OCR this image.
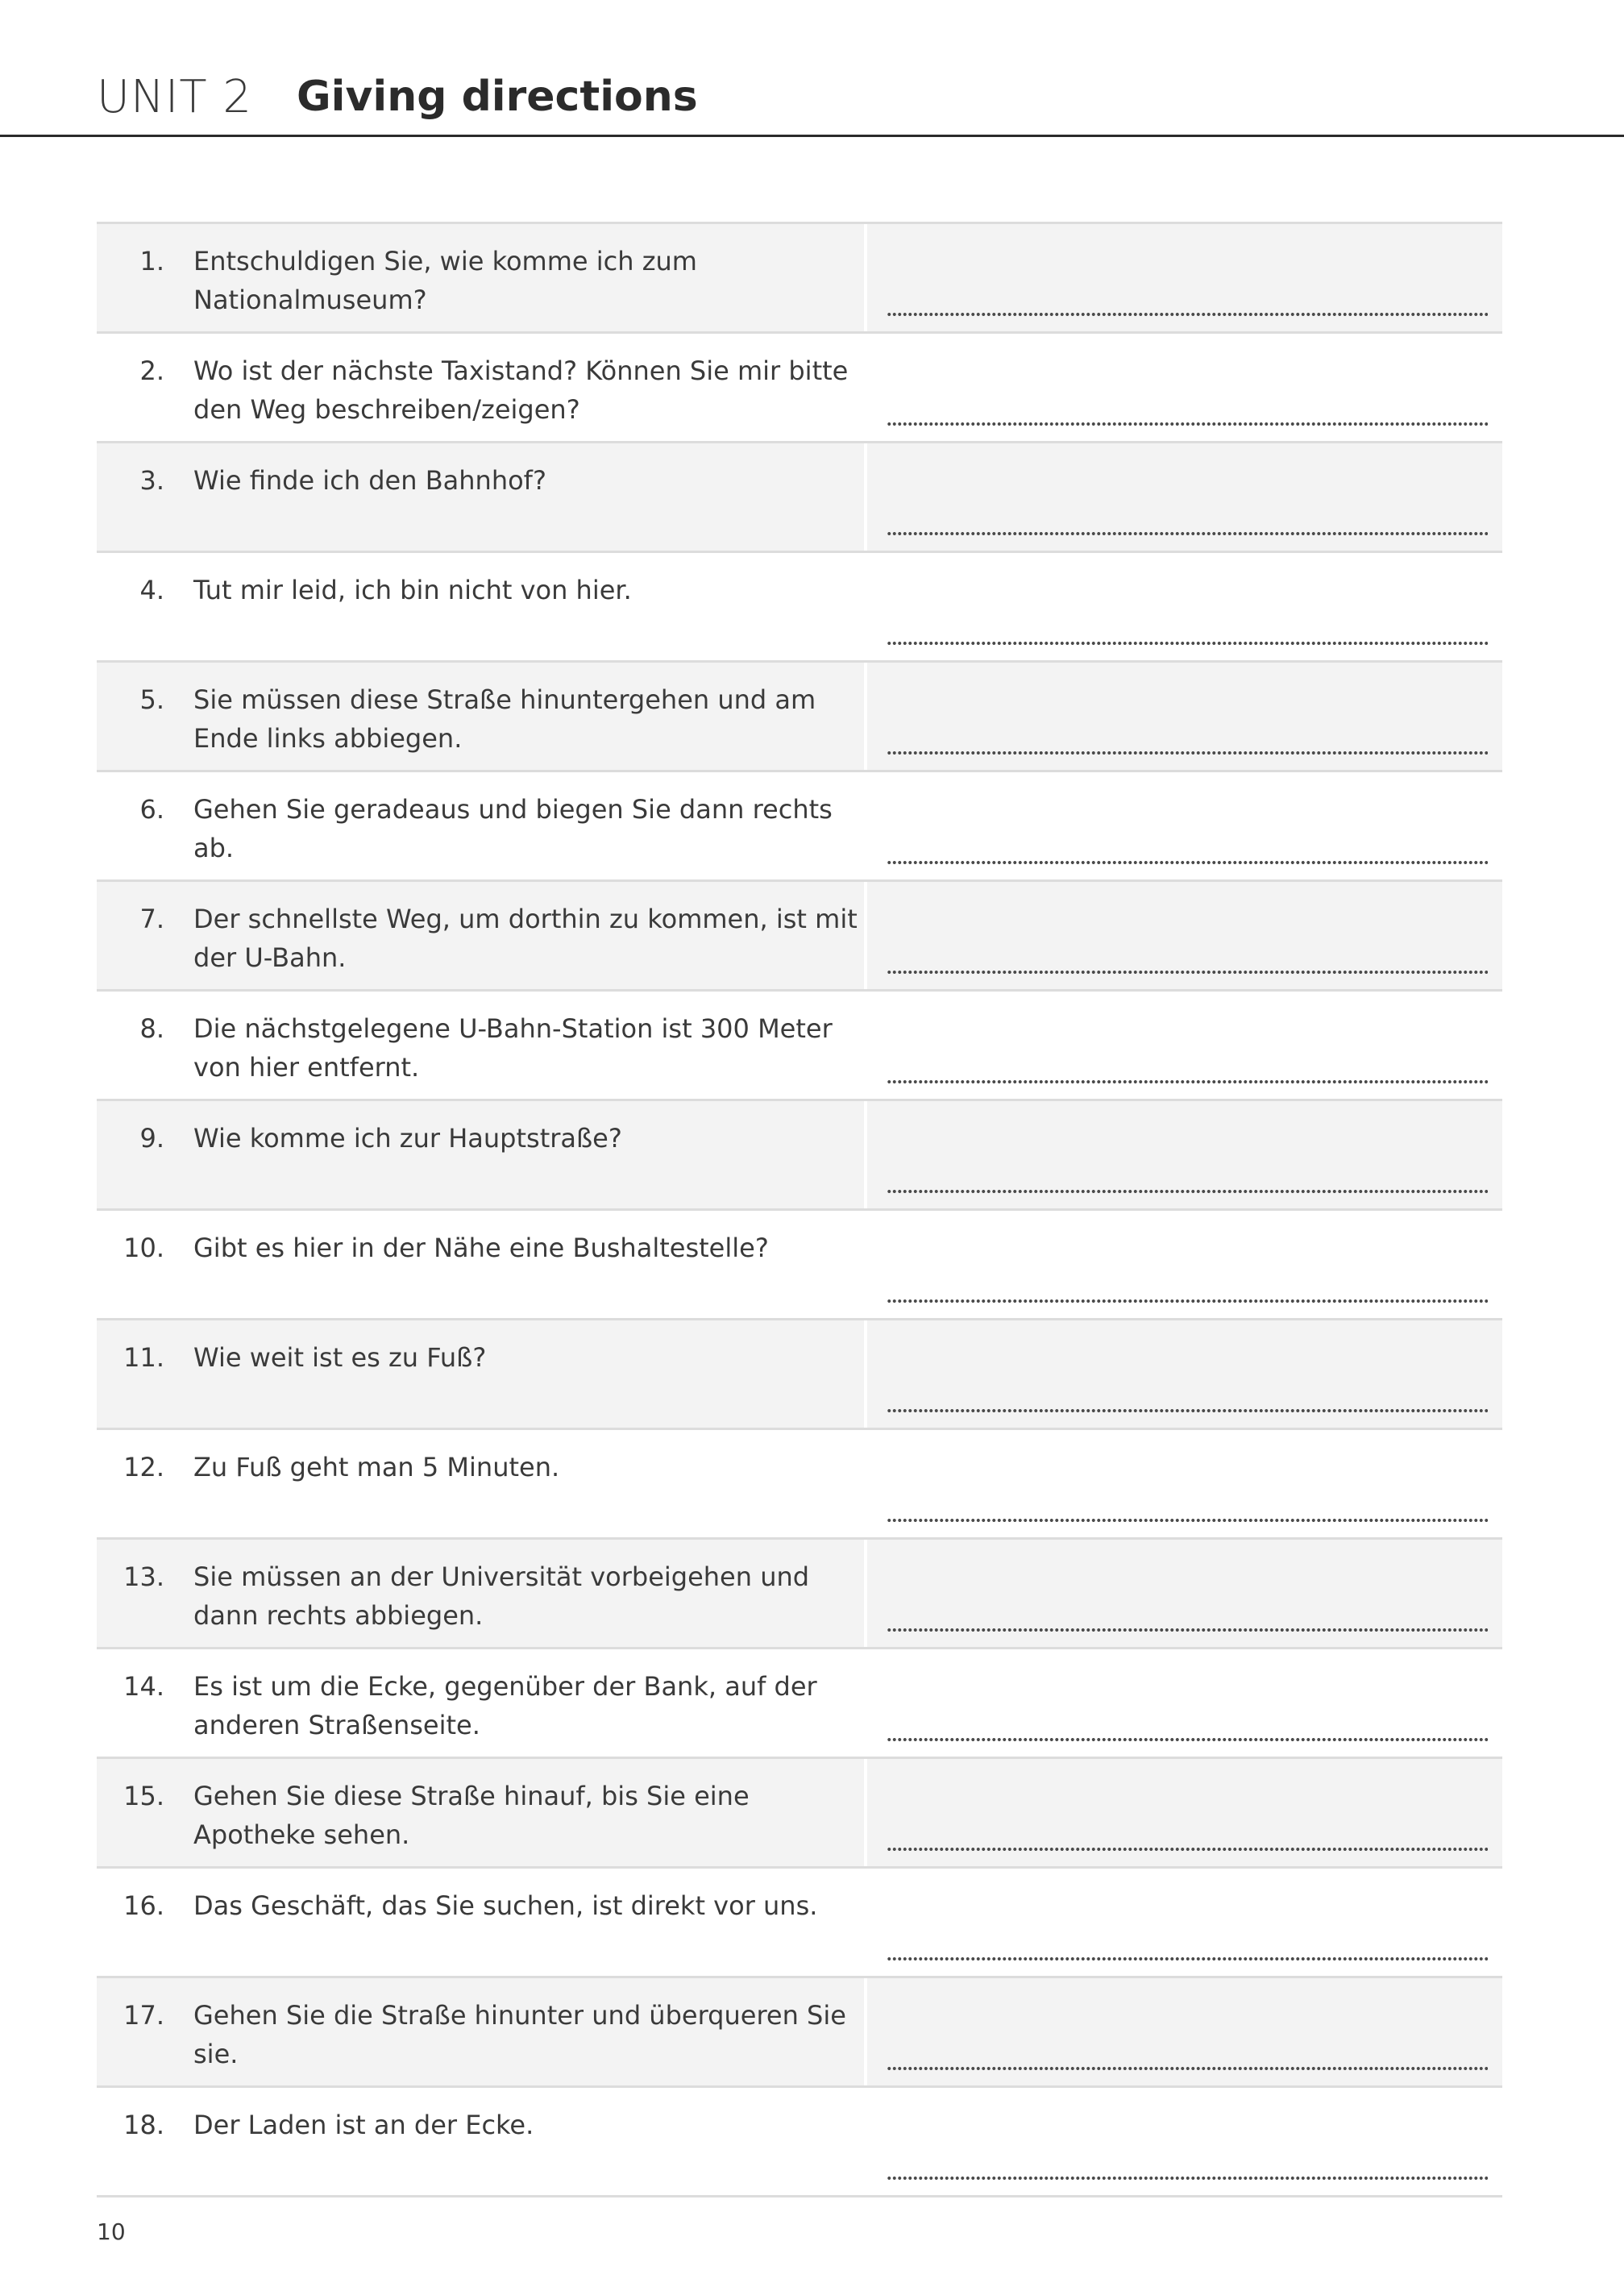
UNIT 2 Giving directions
1. Entschuldigen Sie, wie komme ich zum Nationalmuseum?
2. Wo ist der nächste Taxistand? Können Sie mir bitte den Weg beschreiben/zeigen?
3. Wie finde ich den Bahnhof?
4. Tut mir leid, ich bin nicht von hier.
5. Sie müssen diese Straße hinuntergehen und am Ende links abbiegen.
6. Gehen Sie geradeaus und biegen Sie dann rechts ab.
7. Der schnellste Weg, um dorthin zu kommen, ist mit der U-Bahn.
8. Die nächstgelegene U-Bahn-Station ist 300 Meter von hier entfernt.
9. Wie komme ich zur Hauptstraße?
10. Gibt es hier in der Nähe eine Bushaltestelle?
11. Wie weit ist es zu Fuß?
12. Zu Fuß geht man 5 Minuten.
13. Sie müssen an der Universität vorbeigehen und dann rechts abbiegen.
14. Es ist um die Ecke, gegenüber der Bank, auf der anderen Straßenseite.
15. Gehen Sie diese Straße hinauf, bis Sie eine Apotheke sehen.
16. Das Geschäft, das Sie suchen, ist direkt vor uns.
17. Gehen Sie die Straße hinunter und überqueren Sie sie.
18. Der Laden ist an der Ecke.
10
